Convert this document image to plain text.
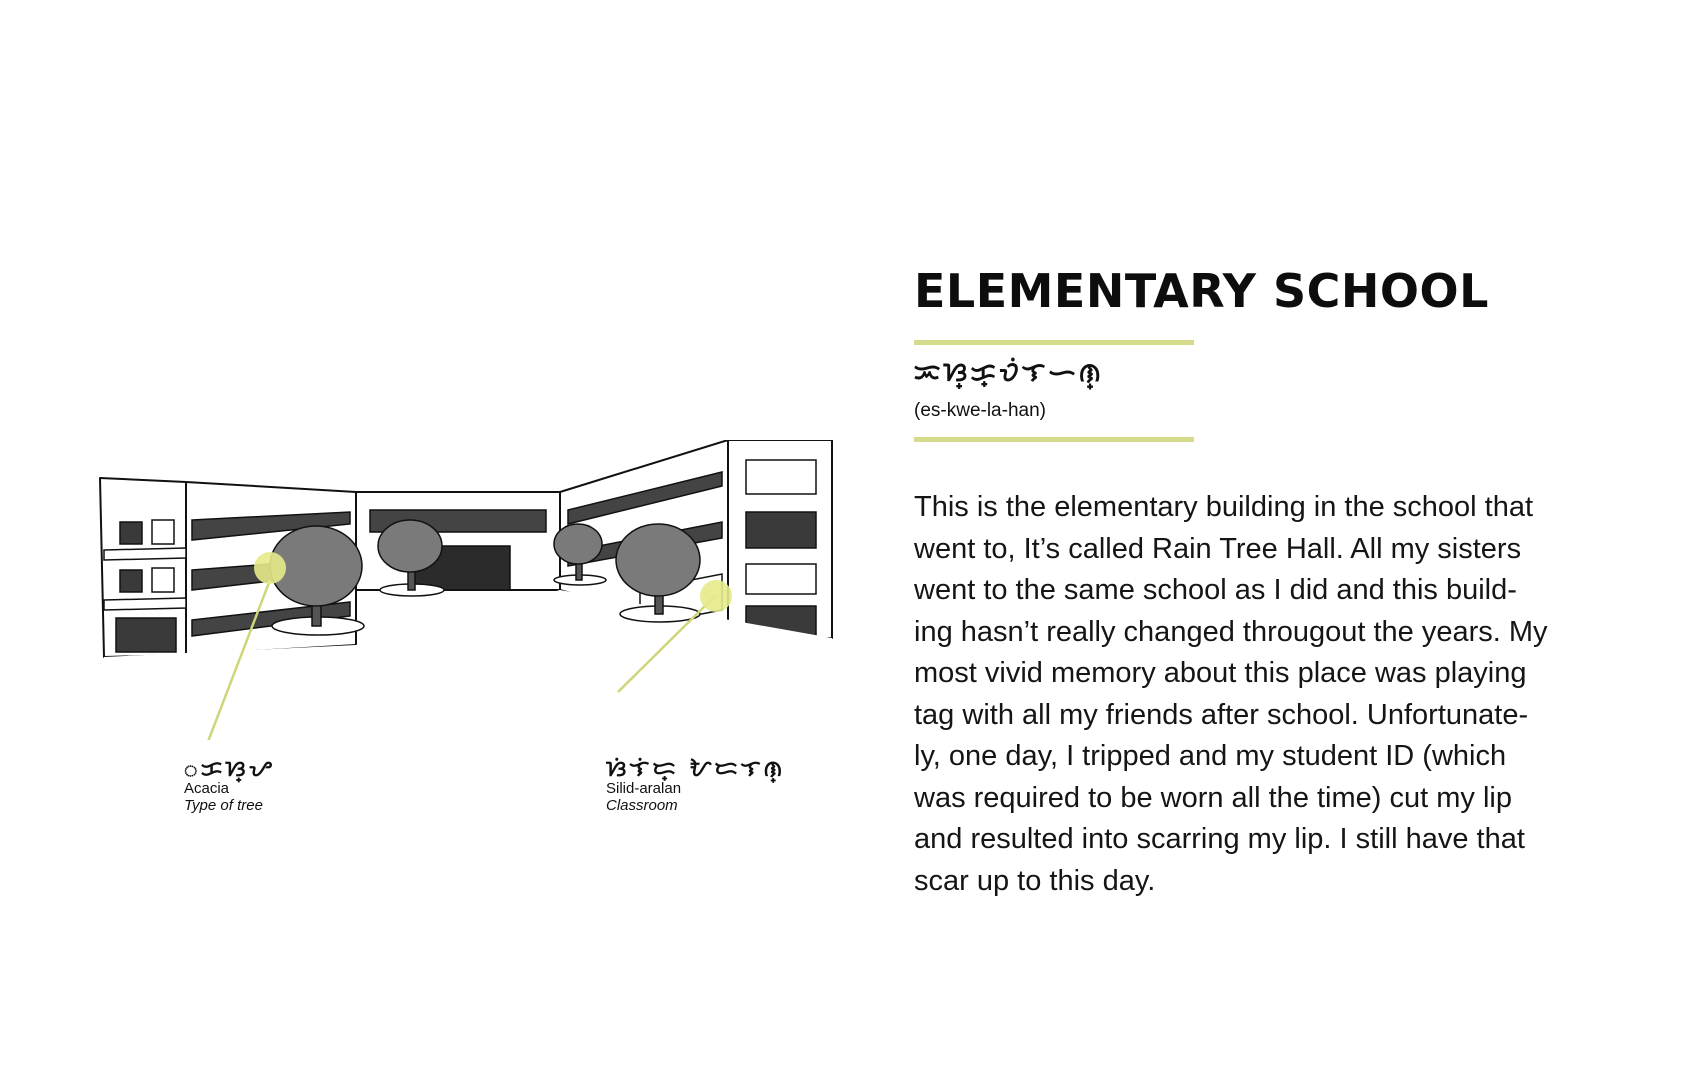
ᜀᜃᜐ᜔ᜌ
Acacia
Type of tree
ᜐᜒᜎᜒᜇ᜔ ᜀᜇᜎᜈ᜔
Silid-aralan
Classroom
ELEMENTARY SCHOOL
ᜁᜐ᜔ᜃ᜔ᜏᜒᜎᜑᜈ᜔
(es-kwe-la-han)

This is the elementary building in the school that
went to, It’s called Rain Tree Hall. All my sisters
went to the same school as I did and this build-
ing hasn’t really changed througout the years. My
most vivid memory about this place was playing
tag with all my friends after school. Unfortunate-
ly, one day, I tripped and my student ID (which
was required to be worn all the time) cut my lip
and resulted into scarring my lip. I still have that
scar up to this day.
